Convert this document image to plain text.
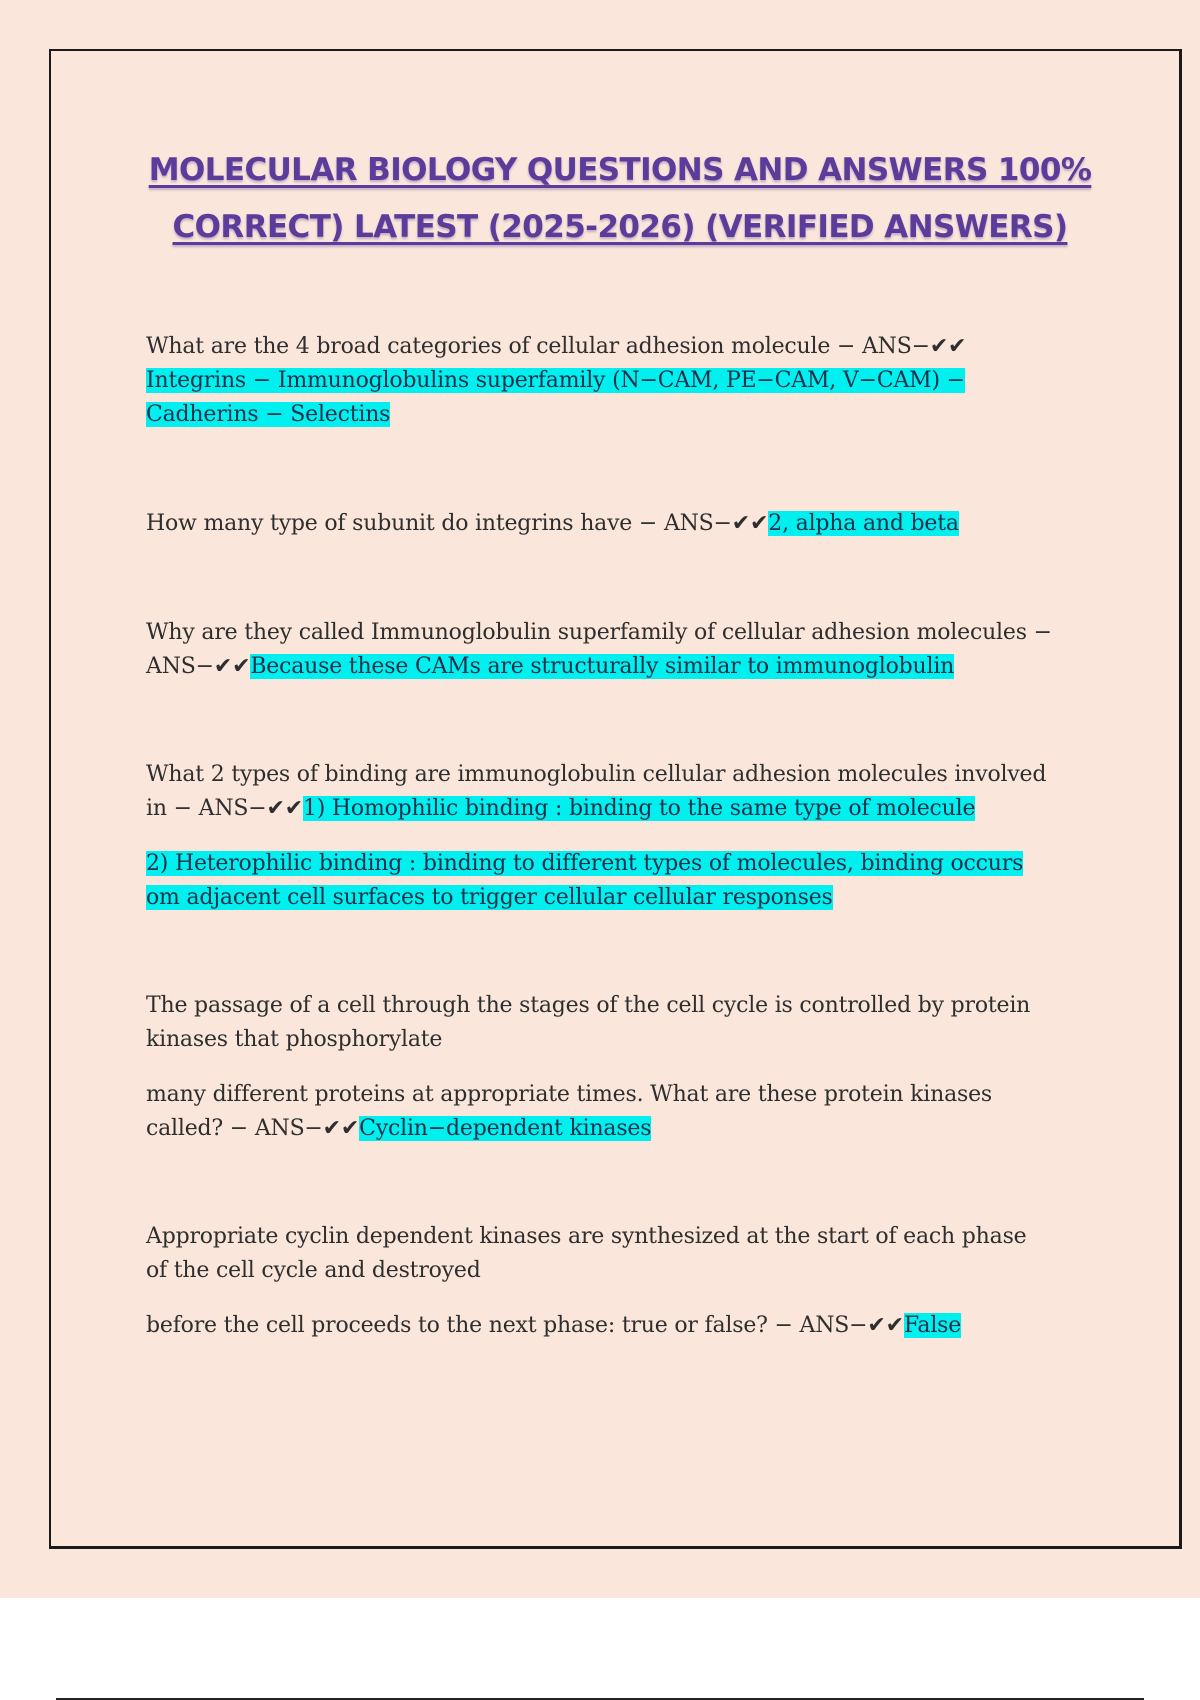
MOLECULAR BIOLOGY QUESTIONS AND ANSWERS 100%
CORRECT) LATEST (2025-2026) (VERIFIED ANSWERS)
What are the 4 broad categories of cellular adhesion molecule − ANS−✔✔
Integrins − Immunoglobulins superfamily (N−CAM, PE−CAM, V−CAM) −
Cadherins − Selectins
How many type of subunit do integrins have − ANS−✔✔2, alpha and beta
Why are they called Immunoglobulin superfamily of cellular adhesion molecules −
ANS−✔✔Because these CAMs are structurally similar to immunoglobulin
What 2 types of binding are immunoglobulin cellular adhesion molecules involved
in − ANS−✔✔1) Homophilic binding : binding to the same type of molecule
2) Heterophilic binding : binding to different types of molecules, binding occurs
om adjacent cell surfaces to trigger cellular cellular responses
The passage of a cell through the stages of the cell cycle is controlled by protein
kinases that phosphorylate
many different proteins at appropriate times. What are these protein kinases
called? − ANS−✔✔Cyclin−dependent kinases
Appropriate cyclin dependent kinases are synthesized at the start of each phase
of the cell cycle and destroyed
before the cell proceeds to the next phase: true or false? − ANS−✔✔False
